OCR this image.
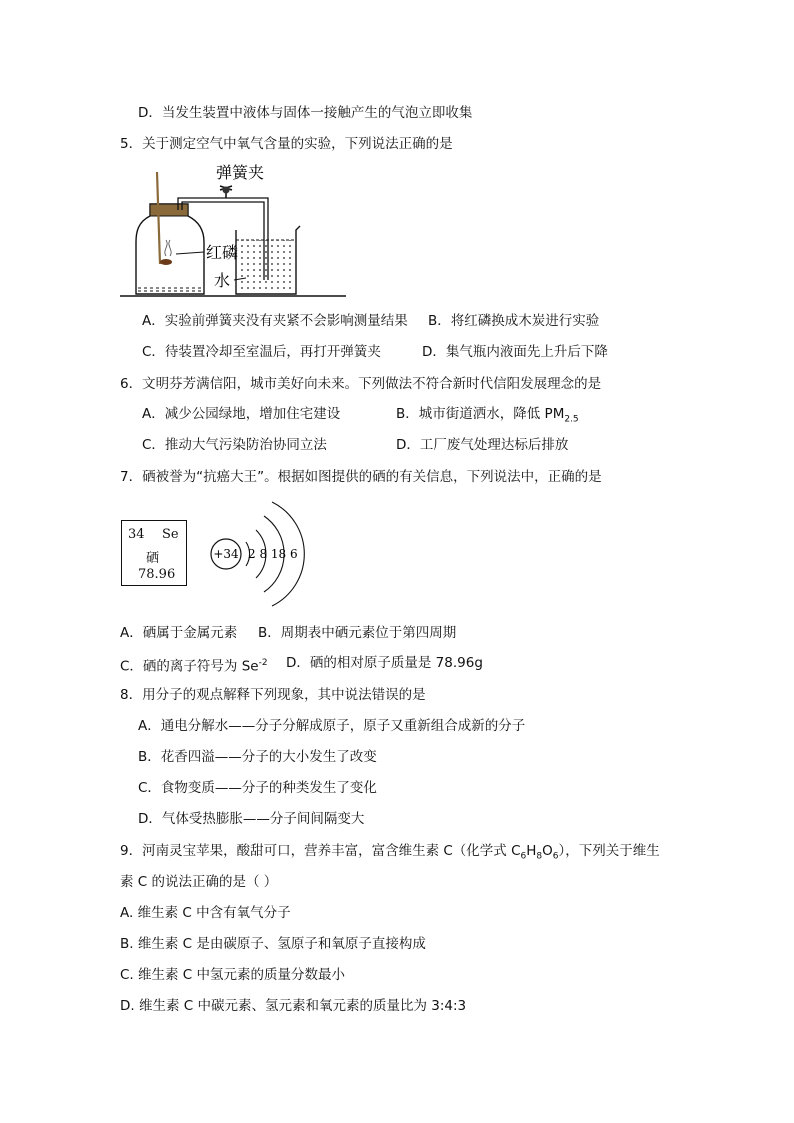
D．当发生装置中液体与固体一接触产生的气泡立即收集
5．关于测定空气中氧气含量的实验，下列说法正确的是
弹簧夹
红磷
水
A．实验前弹簧夹没有夹紧不会影响测量结果 B．将红磷换成木炭进行实验
C．待装置冷却至室温后，再打开弹簧夹	D．集气瓶内液面先上升后下降
6．文明芬芳满信阳，城市美好向未来。下列做法不符合新时代信阳发展理念的是
A．减少公园绿地，增加住宅建设	B．城市街道洒水，降低 $PM_{2.5}$
C．推动大气污染防治协同立法	D．工厂废气处理达标后排放
7．硒被誉为“抗癌大王”。根据如图提供的硒的有关信息，下列说法中，正确的是
34 Se
硒
78.96
+34 2 8 18 6
A．硒属于金属元素 B．周期表中硒元素位于第四周期
C．硒的离子符号为 $Se^{-2}$ D．硒的相对原子质量是 78.96g
8．用分子的观点解释下列现象，其中说法错误的是
A．通电分解水——分子分解成原子，原子又重新组合成新的分子
B．花香四溢——分子的大小发生了改变
C．食物变质——分子的种类发生了变化
D．气体受热膨胀——分子间间隔变大
9．河南灵宝苹果，酸甜可口，营养丰富，富含维生素 C（化学式 $C_6H_8O_6$），下列关于维生
素 C 的说法正确的是（ ）
A. 维生素 C 中含有氧气分子
B. 维生素 C 是由碳原子、氢原子和氧原子直接构成
C. 维生素 C 中氢元素的质量分数最小
D. 维生素 C 中碳元素、氢元素和氧元素的质量比为 3:4:3
